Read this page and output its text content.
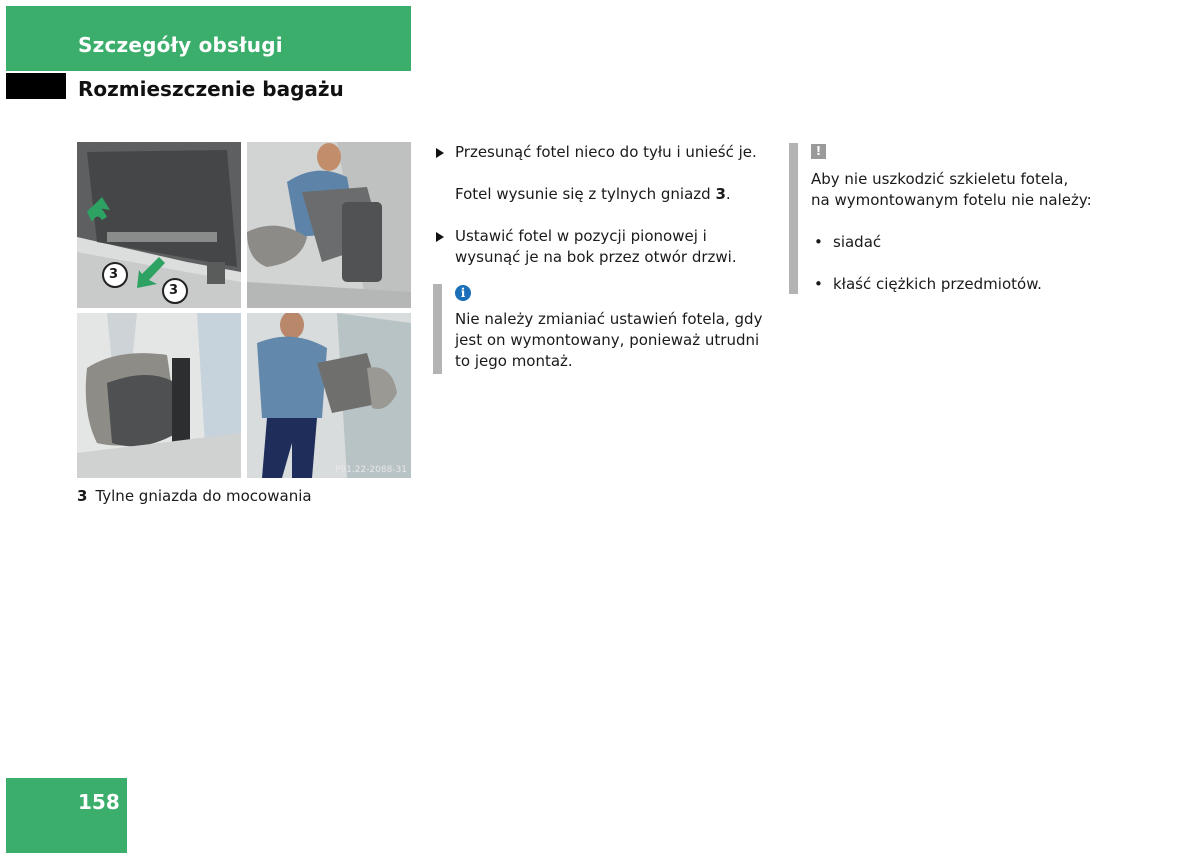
Szczegóły obsługi
Rozmieszczenie bagażu
3
3
P91.22-2088-31
3 Tylne gniazda do mocowania
Przesunąć fotel nieco do tyłu i unieść je.
Fotel wysunie się z tylnych gniazd 3.
Ustawić fotel w pozycji pionowej i wysunąć je na bok przez otwór drzwi.
i
Nie należy zmianiać ustawień fotela, gdy jest on wymontowany, ponieważ utrudni to jego montaż.
!
Aby nie uszkodzić szkieletu fotela,
na wymontowanym fotelu nie należy:
• siadać
• kłaść ciężkich przedmiotów.
158
